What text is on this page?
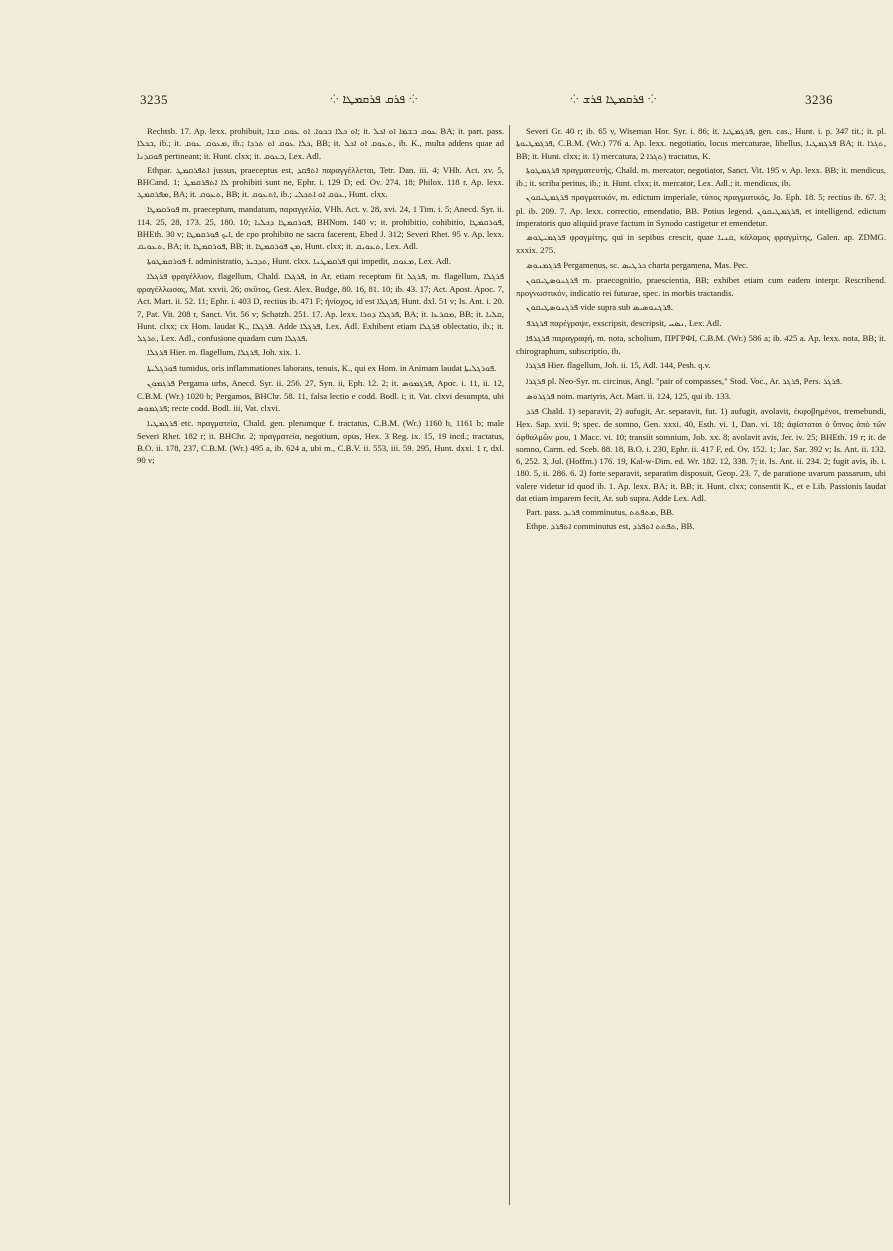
3235	⁘ ܦܪܩ ܦܪܩܡܛܐ ⁘	⁘ ܦܪܩܡܛܐ ܦܪܫ ⁘	3236

Rechtsb. 17. Ap. lexx. prohibuit, ܐܘ ܟܠܐ ܒܟܘܐ. ܐܘ ܥܘܩ ܩܫܐ; it. ܥܘܩ ܒܫܡܐ ܐܘ ܐܟܠ BA; it. part. pass. ܒܟܠܐ, ib.; it. ܡܥܘܩ ܥܘܩ, ib.; ܟܠܐ ܥܘܩ ܐܘ ܬܪܕܐ, BB; it. ܬܥܘܩ ܐܘ ܐܟܠ, ib. K., multa addens quae ad ܦܘܩܕܢܐ pertineant; it. Hunt. clxx; it. ܒܥܘܩ, Lex. Adl.

Ethpar. ܐܬܦܪܩܡܛ jussus, praeceptus est, ܐܬܦܩܕ παραγγέλλεται, Tetr. Dan. iii. 4; VHh. Act. xv. 5, BHCand. 1; ܠܐ ܐܬܦܪܩܡܛ prohibiti sunt ne, Ephr. i. 129 D; ed. Ov. 274. 18; Philox. 118 r. Ap. lexx. ܡܦܪܩܡܛ, BA; it. ܬܥܘܩ, BB; it. ܐܬܥܘܩ, ib.; ܥܘܩ ܐܘ ܐܬܟܠܝ, Hunt. clxx.

ܦܘܪܩܡܛܐ m. praeceptum, mandatum, παραγγελία, VHh. Act. v. 28, xvi. 24, 1 Tim. i. 5; Anecd. Syr. ii. 114. 25, 28, 173. 25, 180. 10; ܦܘܪܩܡܛܐ ܕܟܠܝܐ, BHNom. 140 v; it. prohibitio, cohibitio, ܦܘܪܩܡܛܐ, BHEth. 30 v; ܐܝܟ ܦܘܪܩܡܛܐ, de cpo prohibito ne sacra facerent, Ebed J. 312; Severi Rhet. 95 v. Ap. lexx. ܬܥܘܝܩ, BA; it. ܦܘܪܩܡܛܐ, BB; it. ܡܢ ܦܘܪܩܡܛܐ, Hunt. clxx; it. ܬܥܘܝܩ, Lex. Adl.

ܦܘܪܩܡܛܘܬܐ f. administratio, ܬܕܒܝܪ, Hunt. clxx. ܦܪܩܡܛܢܐ qui impedit, ܡܥܘܩ, Lex. Adl.

ܦܪܓܠܐ φραγέλλιον, flagellum, Chald. ܦܪܓܠܐ, in Ar. etiam receptum fit ܦܪܓܠ, m. flagellum, ܦܪܓܠܐ φραγέλλωσας, Mat. xxvii. 26; σκῦτος, Gest. Alex. Budge, 80. 16, 81. 10; ib. 43. 17; Act. Apost. Apoc. 7, Act. Mart. ii. 52. 11; Ephr. i. 403 D, rectius ib. 471 F; ἡνίοχος, id est ܦܪܓܠܐ, Hunt. dxl. 51 v; Is. Ant. i. 20. 7, Pat. Vit. 208 r, Sanct. Vit. 56 v; Schatzh. 251. 17. Ap. lexx. ܦܪܓܠܐ ܕܘܪܐ, BA; it. ܡܩܪܥܐ, BB; it. ܩܠܝܐ, Hunt. clxx; cx Hom. laudat K., ܦܪܓܠܐ. Adde ܦܪܓܠܐ, Lex. Adl. Exhibent etiam ܦܪܓܠܐ oblectatio, ib.; it. ܬܪܓܠ, Lex. Adl., confusione quadam cum ܦܪܓܠܐ.

ܦܪܓܠܐ Hier. m. flagellum, ܦܪܓܠܐ, Joh. xix. 1.

ܦܘܪܓܠܝܬܐ tumidus, oris inflammationes laborans, tenuis, K., qui ex Hom. in Animam laudat ܦܘܪܓܠܝܬܐ.

ܦܪܓܡܘܢ Pergama urbs, Anecd. Syr. ii. 256. 27, Syn. ii, Eph. 12. 2; it. ܦܪܓܡܘܣ, Apoc. i. 11, ii. 12, C.B.M. (Wr.) 1020 b; Pergamos, BHChr. 58. 11, falsa lectio e codd. Bodl. i; it. Vat. clxvi desumpta, ubi ܦܪܓܡܘܣ; recte codd. Bodl. iii, Vat. clxvi.

ܦܪܓܡܛܝܐ etc. πραγματεία, Chald. gen. plerumque f. tractatus, C.B.M. (Wr.) 1160 b, 1161 b; male Severi Rhet. 182 r; it. BHChr. 2; πραγματεία, negotium, opus, Hex. 3 Reg. ix. 15, 19 incd.; tractatus, B.O. ii. 178, 237, C.B.M. (Wr.) 495 a, ib. 624 a, ubi m., C.B.V. ii. 553, iii. 59. 295, Hunt. dxxi. 1 r, dxl. 90 v;

Severi Gr. 40 r; ib. 65 v, Wiseman Hor. Syr. i. 86; it. ܦܪܓܡܛܝܐ, gen. cas., Hunt. i. p. 347 tit.; it. pl. ܦܪܓܡܛܝܘܬܐ, C.B.M. (Wr.) 776 a. Ap. lexx. negotiatio, locus mercaturae, libellus, ܦܪܓܡܛܝܐ BA; it. ܬܓܪܐ, BB; it. Hunt. clxx; it. 1) mercatura, ܬܓܪܐ 2) tractatus, K.

ܦܪܓܡܛܘܬܐ πραγματευτής, Chald. m. mercator, negotiator, Sanct. Vit. 195 v. Ap. lexx. BB; it. mendicus, ib.; it. scriba peritus, ib.; it. Hunt. clxx; it. mercator, Lex. Adl.; it. mendicus, ib.

ܦܪܓܡܛܝܩܘܢ πραγματικόν, m. edictum imperiale, τύπος πραγματικός, Jo. Eph. 18. 5; rectius ib. 67. 3; pl. ib. 209. 7. Ap. lexx. correctio, emendatio, BB. Potius legend. ܦܪܓܡܛܝܩܘܢ, et intelligend. edictum imperatoris quo aliquid prave factum in Synodo castigetur et emendetur.

ܦܪܓܡܝܛܘܣ φραγμίτης, qui in sepibus crescit, quae ܩܢܝܐ, κάλαμος φραγμίτης, Galen. ap. ZDMG. xxxix. 275.

ܦܪܓܡܢܘܣ Pergamenus, sc. ܟܪܛܝܣ charta pergamena, Mas. Pec.

ܦܪܓܢܘܣܛܝܩܘܢ m. praecognitio, praescientia, BB; exhibet etiam cum eadem interpr. Rescribend. προγνωστικόν, indicatio rei futurae, spec. in morbis tractandis.

ܦܪܓܢܘܣܛܝܩܘܢ vide supra sub ܦܪܓܢܘܣܝܣ.

ܦܪܓܪܦ παρέγραψε, exscripsit, descripsit, ܢܣܚ, Lex. Adl.

ܦܪܓܪܦܐ παραγραφή, m. nota, scholium, ΠΡΓΡΦΙ, C.B.M. (Wr.) 586 a; ib. 425 a. Ap. lexx. nota, BB; it. chirographum, subscriptio, ib.

ܦܪܓܪܐ Hier. flagellum, Joh. ii. 15, Adl. 144, Pesh. q.v.

ܦܪܓܪܐ pl. Neo-Syr. m. circinus, Angl. "pair of compasses," Stod. Voc., Ar. ܦܪܓܪ, Pers. ܦܪܓܪ.

ܦܪܓܪܘܣ nom. martyris, Act. Mart. ii. 124, 125, qui ib. 133.

ܦܪܕ Chald. 1) separavit, 2) aufugit, Ar. separavit, fut. 1) aufugit, avolavit, ἐκφοβημένοι, tremebundi, Hex. Sap. xvii. 9; spec. de somno, Gen. xxxi. 40, Esth. vi. 1, Dan. vi. 18; ἀφίσταται ὁ ὕπνος ἀπὸ τῶν ὀφθαλμῶν μου, 1 Macc. vi. 10; transiit somnium, Job. xx. 8; avolavit avis, Jer. iv. 25; BHEth. 19 r; it. de somno, Carm. ed. Sceb. 88. 18, B.O. i. 230, Ephr. ii. 417 F, ed. Ov. 152. 1; Jac. Sar. 392 v; Is. Ant. ii. 132. 6, 252. 3, Jul. (Hoffm.) 176. 19, Kal-w-Dim. ed. Wr. 182. 12, 338. 7; it. Is. Ant. ii. 234. 2; fugit avis, ib. i. 180. 5, ii. 286. 6. 2) forte separavit, separatim disposuit, Geop. 23. 7, de paratione uvarum passarum, ubi valere videtur id quod ib. 1. Ap. lexx. BA; it. BB; it. Hunt. clxx; consentit K., et e Lib. Passionis laudat dat etiam imparem fecit, Ar. sub supra. Adde Lex. Adl.

Part. pass. ܦܪܝܕ comminutus, ܡܬܦܬܬ, BB.

Ethpe. ܐܬܦܪܕ comminutus est, ܬܦܬܬ ܐܬܦܪܕ, BB.
